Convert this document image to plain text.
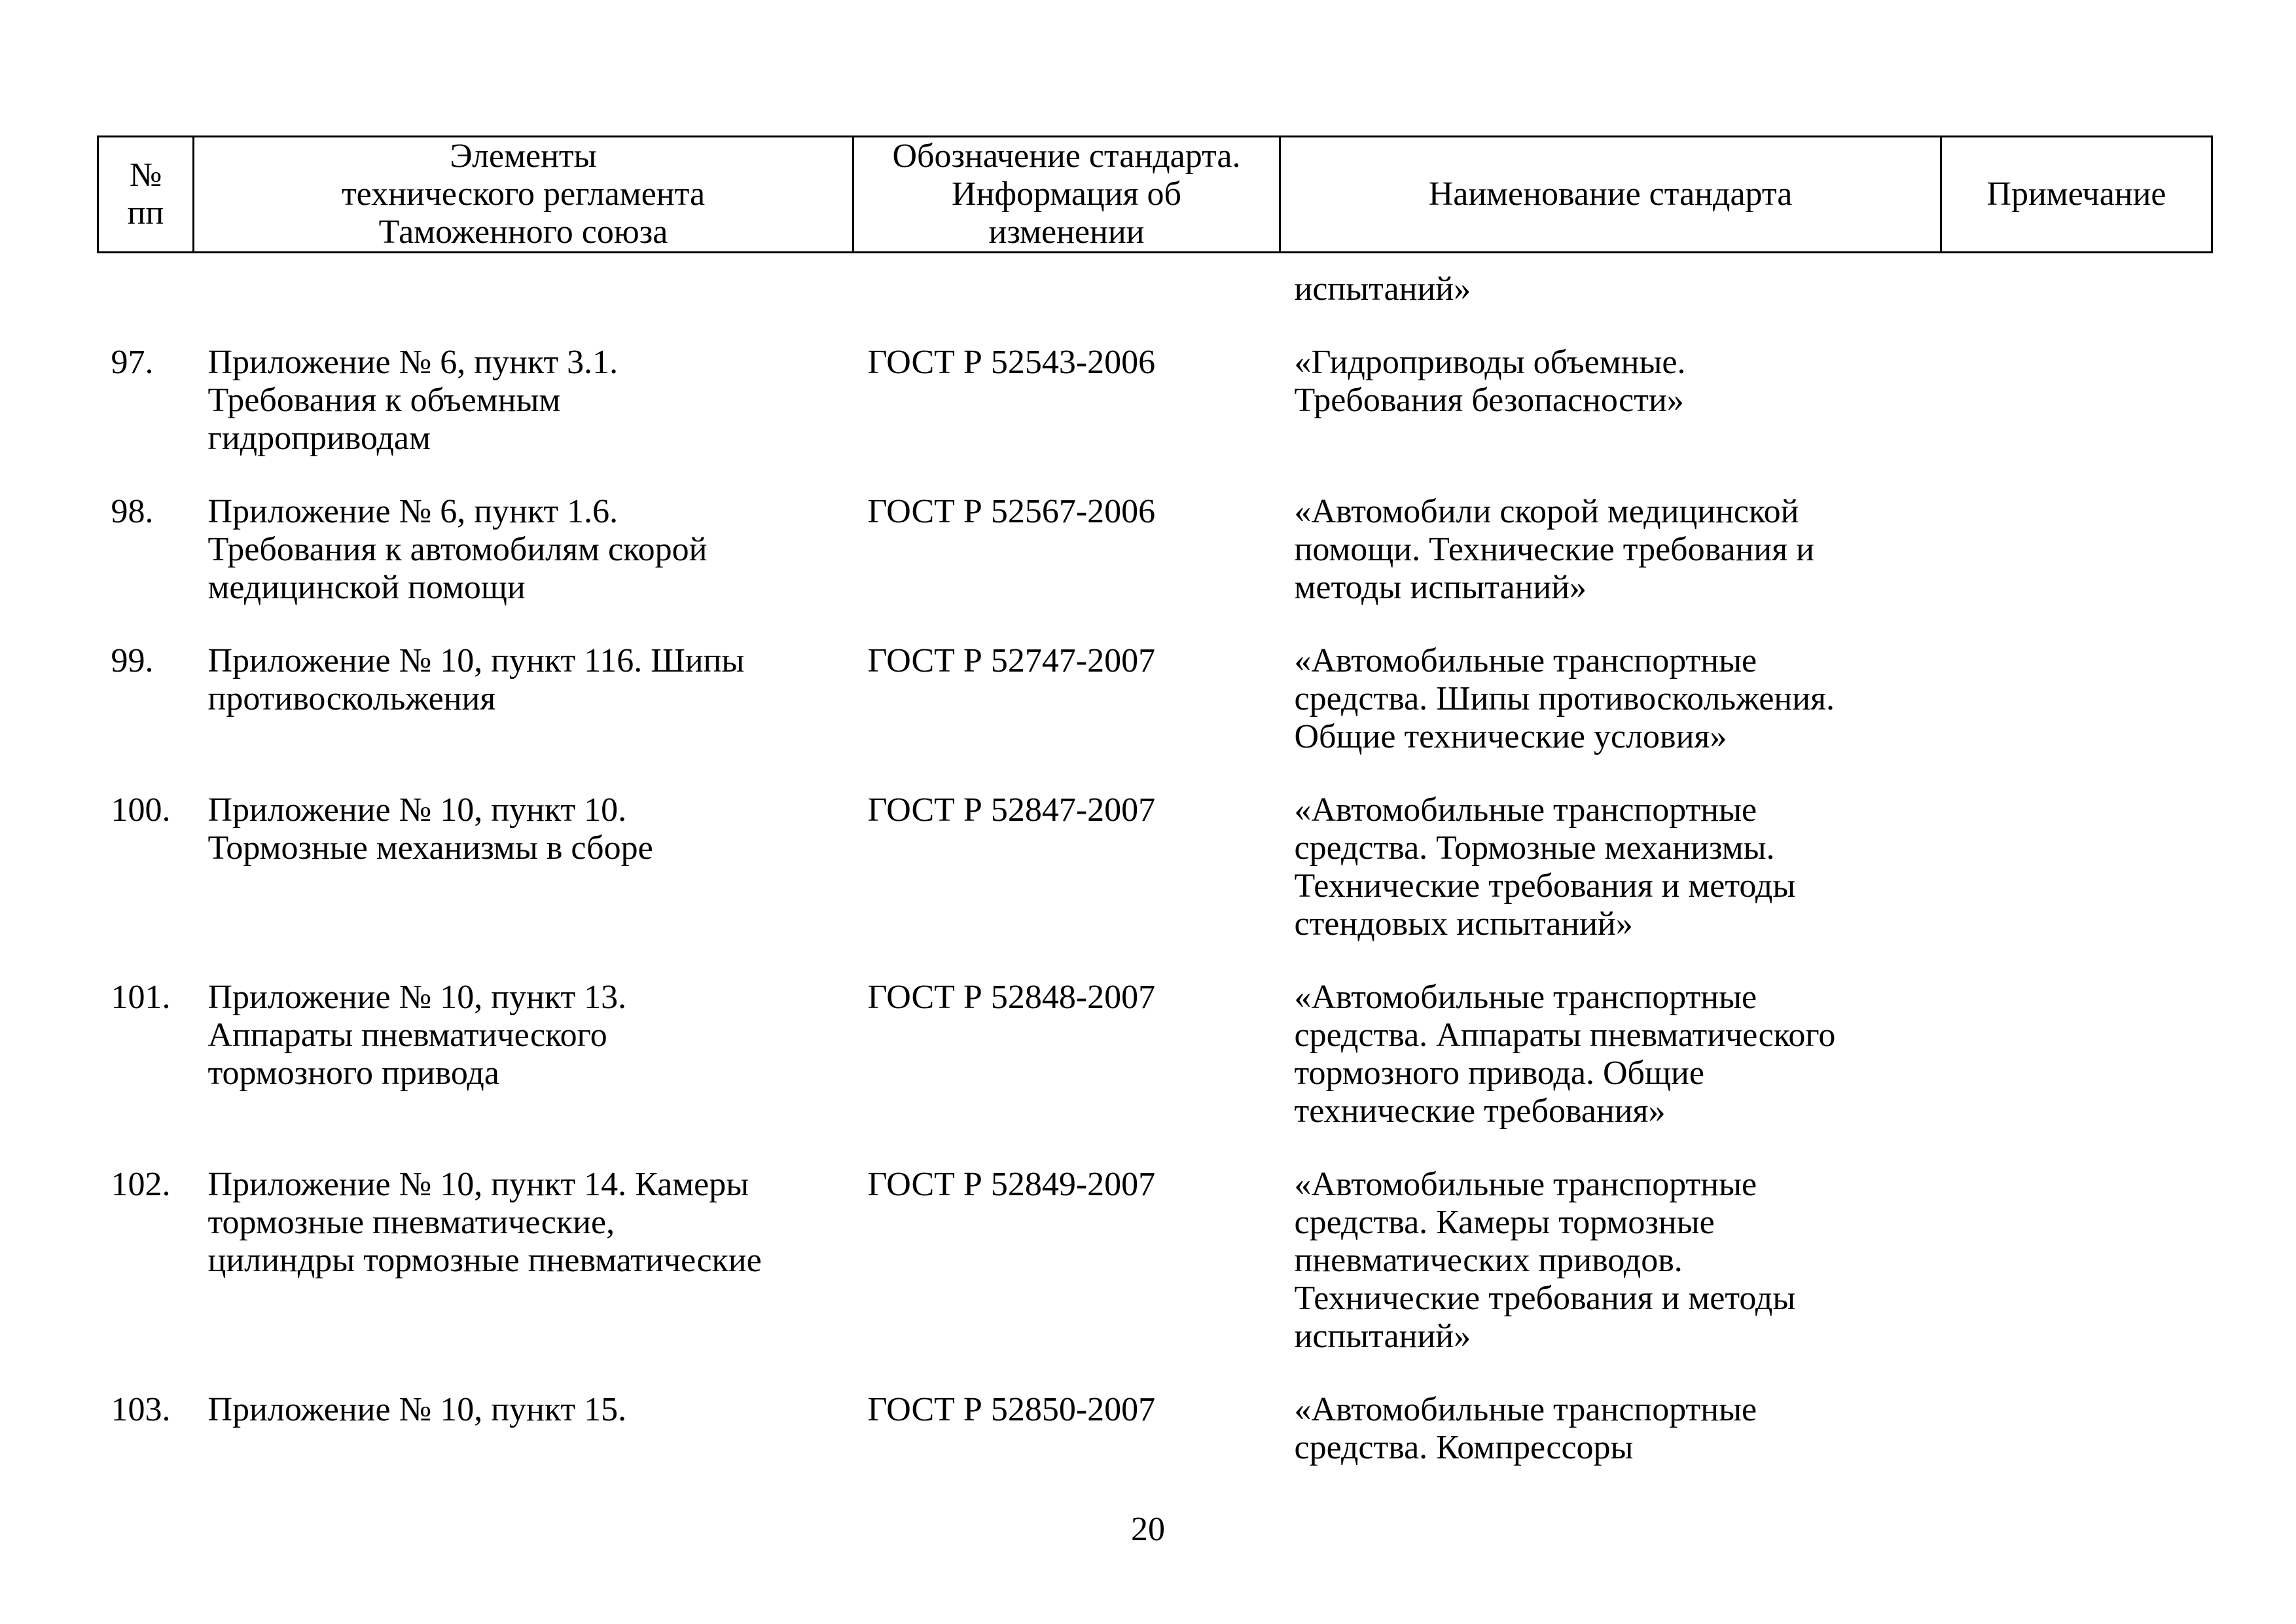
№
пп	Элементы
технического регламента
Таможенного союза	Обозначение стандарта.
Информация об
изменении	Наименование стандарта	Примечание
			испытаний»	
97.	Приложение № 6, пункт 3.1.
Требования к объемным
гидроприводам	ГОСТ Р 52543-2006	«Гидроприводы объемные.
Требования безопасности»	
98.	Приложение № 6, пункт 1.6.
Требования к автомобилям скорой
медицинской помощи	ГОСТ Р 52567-2006	«Автомобили скорой медицинской
помощи. Технические требования и
методы испытаний»	
99.	Приложение № 10, пункт 116. Шипы
противоскольжения	ГОСТ Р 52747-2007	«Автомобильные транспортные
средства. Шипы противоскольжения.
Общие технические условия»	
100.	Приложение № 10, пункт 10.
Тормозные механизмы в сборе	ГОСТ Р 52847-2007	«Автомобильные транспортные
средства. Тормозные механизмы.
Технические требования и методы
стендовых испытаний»	
101.	Приложение № 10, пункт 13.
Аппараты пневматического
тормозного привода	ГОСТ Р 52848-2007	«Автомобильные транспортные
средства. Аппараты пневматического
тормозного привода. Общие
технические требования»	
102.	Приложение № 10, пункт 14. Камеры
тормозные пневматические,
цилиндры тормозные пневматические	ГОСТ Р 52849-2007	«Автомобильные транспортные
средства. Камеры тормозные
пневматических приводов.
Технические требования и методы
испытаний»	
103.	Приложение № 10, пункт 15.	ГОСТ Р 52850-2007	«Автомобильные транспортные
средства. Компрессоры	
20
